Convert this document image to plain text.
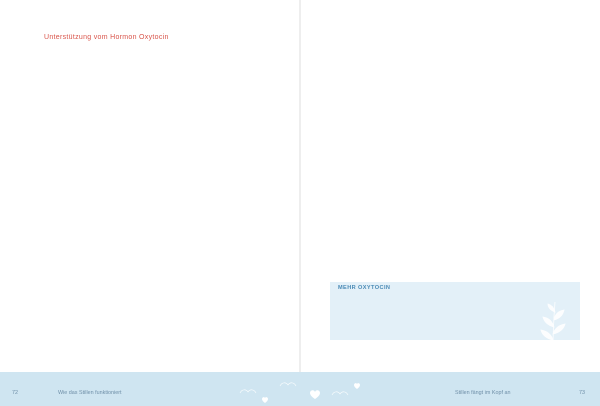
Unterstützung vom Hormon Oxytocin
MEHR OXYTOCIN

72	Wie das Stillen funktioniert	Stillen fängt im Kopf an	73
